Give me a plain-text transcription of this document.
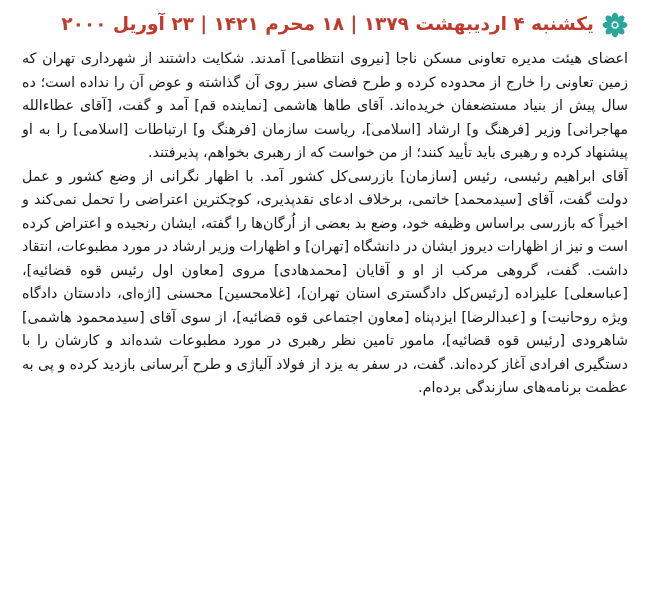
یکشنبه ۴ اردیبهشت ۱۳۷۹ | ۱۸ محرم ۱۴۲۱ | ۲۳ آوریل ۲۰۰۰

اعضای هیئت مدیره تعاونی مسکن ناجا [نیروی انتظامی] آمدند. شکایت داشتند از شهرداری تهران که زمین تعاونی را خارج از محدوده کرده و طرح فضای سبز روی آن گذاشته و عوض آن را نداده است؛ ده سال پیش از بنیاد مستضعفان خریده‌اند. آقای طاها هاشمی [نماینده قم] آمد و گفت، [آقای عطاءالله مهاجرانی] وزیر [فرهنگ و] ارشاد [اسلامی]، ریاست سازمان [فرهنگ و] ارتباطات [اسلامی] را به او پیشنهاد کرده و رهبری باید تأیید کنند؛ از من خواست که از رهبری بخواهم، پذیرفتند.

آقای ابراهیم رئیسی، رئیس [سازمان] بازرسی‌کل کشور آمد. با اظهار نگرانی از وضع کشور و عمل دولت گفت، آقای [سیدمحمد] خاتمی، برخلاف ادعای نقدپذیری، کوچکترین اعتراضی را تحمل نمی‌کند و اخیراً که بازرسی براساس وظیفه خود، وضع بد بعضی از اُرگان‌ها را گفته، ایشان رنجیده و اعتراض کرده است و نیز از اظهارات دیروز ایشان در دانشگاه [تهران] و اظهارات وزیر ارشاد در مورد مطبوعات، انتقاد داشت. گفت، گروهی مرکب از او و آقایان [محمدهادی] مروی [معاون اول رئیس قوه قضائیه]، [عباسعلی] علیزاده [رئیس‌کل دادگستری استان تهران]، [غلامحسین] محسنی [اژه‌ای، دادستان دادگاه ویژه روحانیت] و [عبدالرضا] ایزدپناه [معاون اجتماعی قوه قضائیه]، از سوی آقای [سیدمحمود هاشمی] شاهرودی [رئیس قوه قضائیه]، مامور تامین نظر رهبری در مورد مطبوعات شده‌اند و کارشان را با دستگیری افرادی آغاز کرده‌اند. گفت، در سفر به یزد از فولاد آلیاژی و طرح آبرسانی بازدید کرده و پی به عظمت برنامه‌های سازندگی برده‌ام.
